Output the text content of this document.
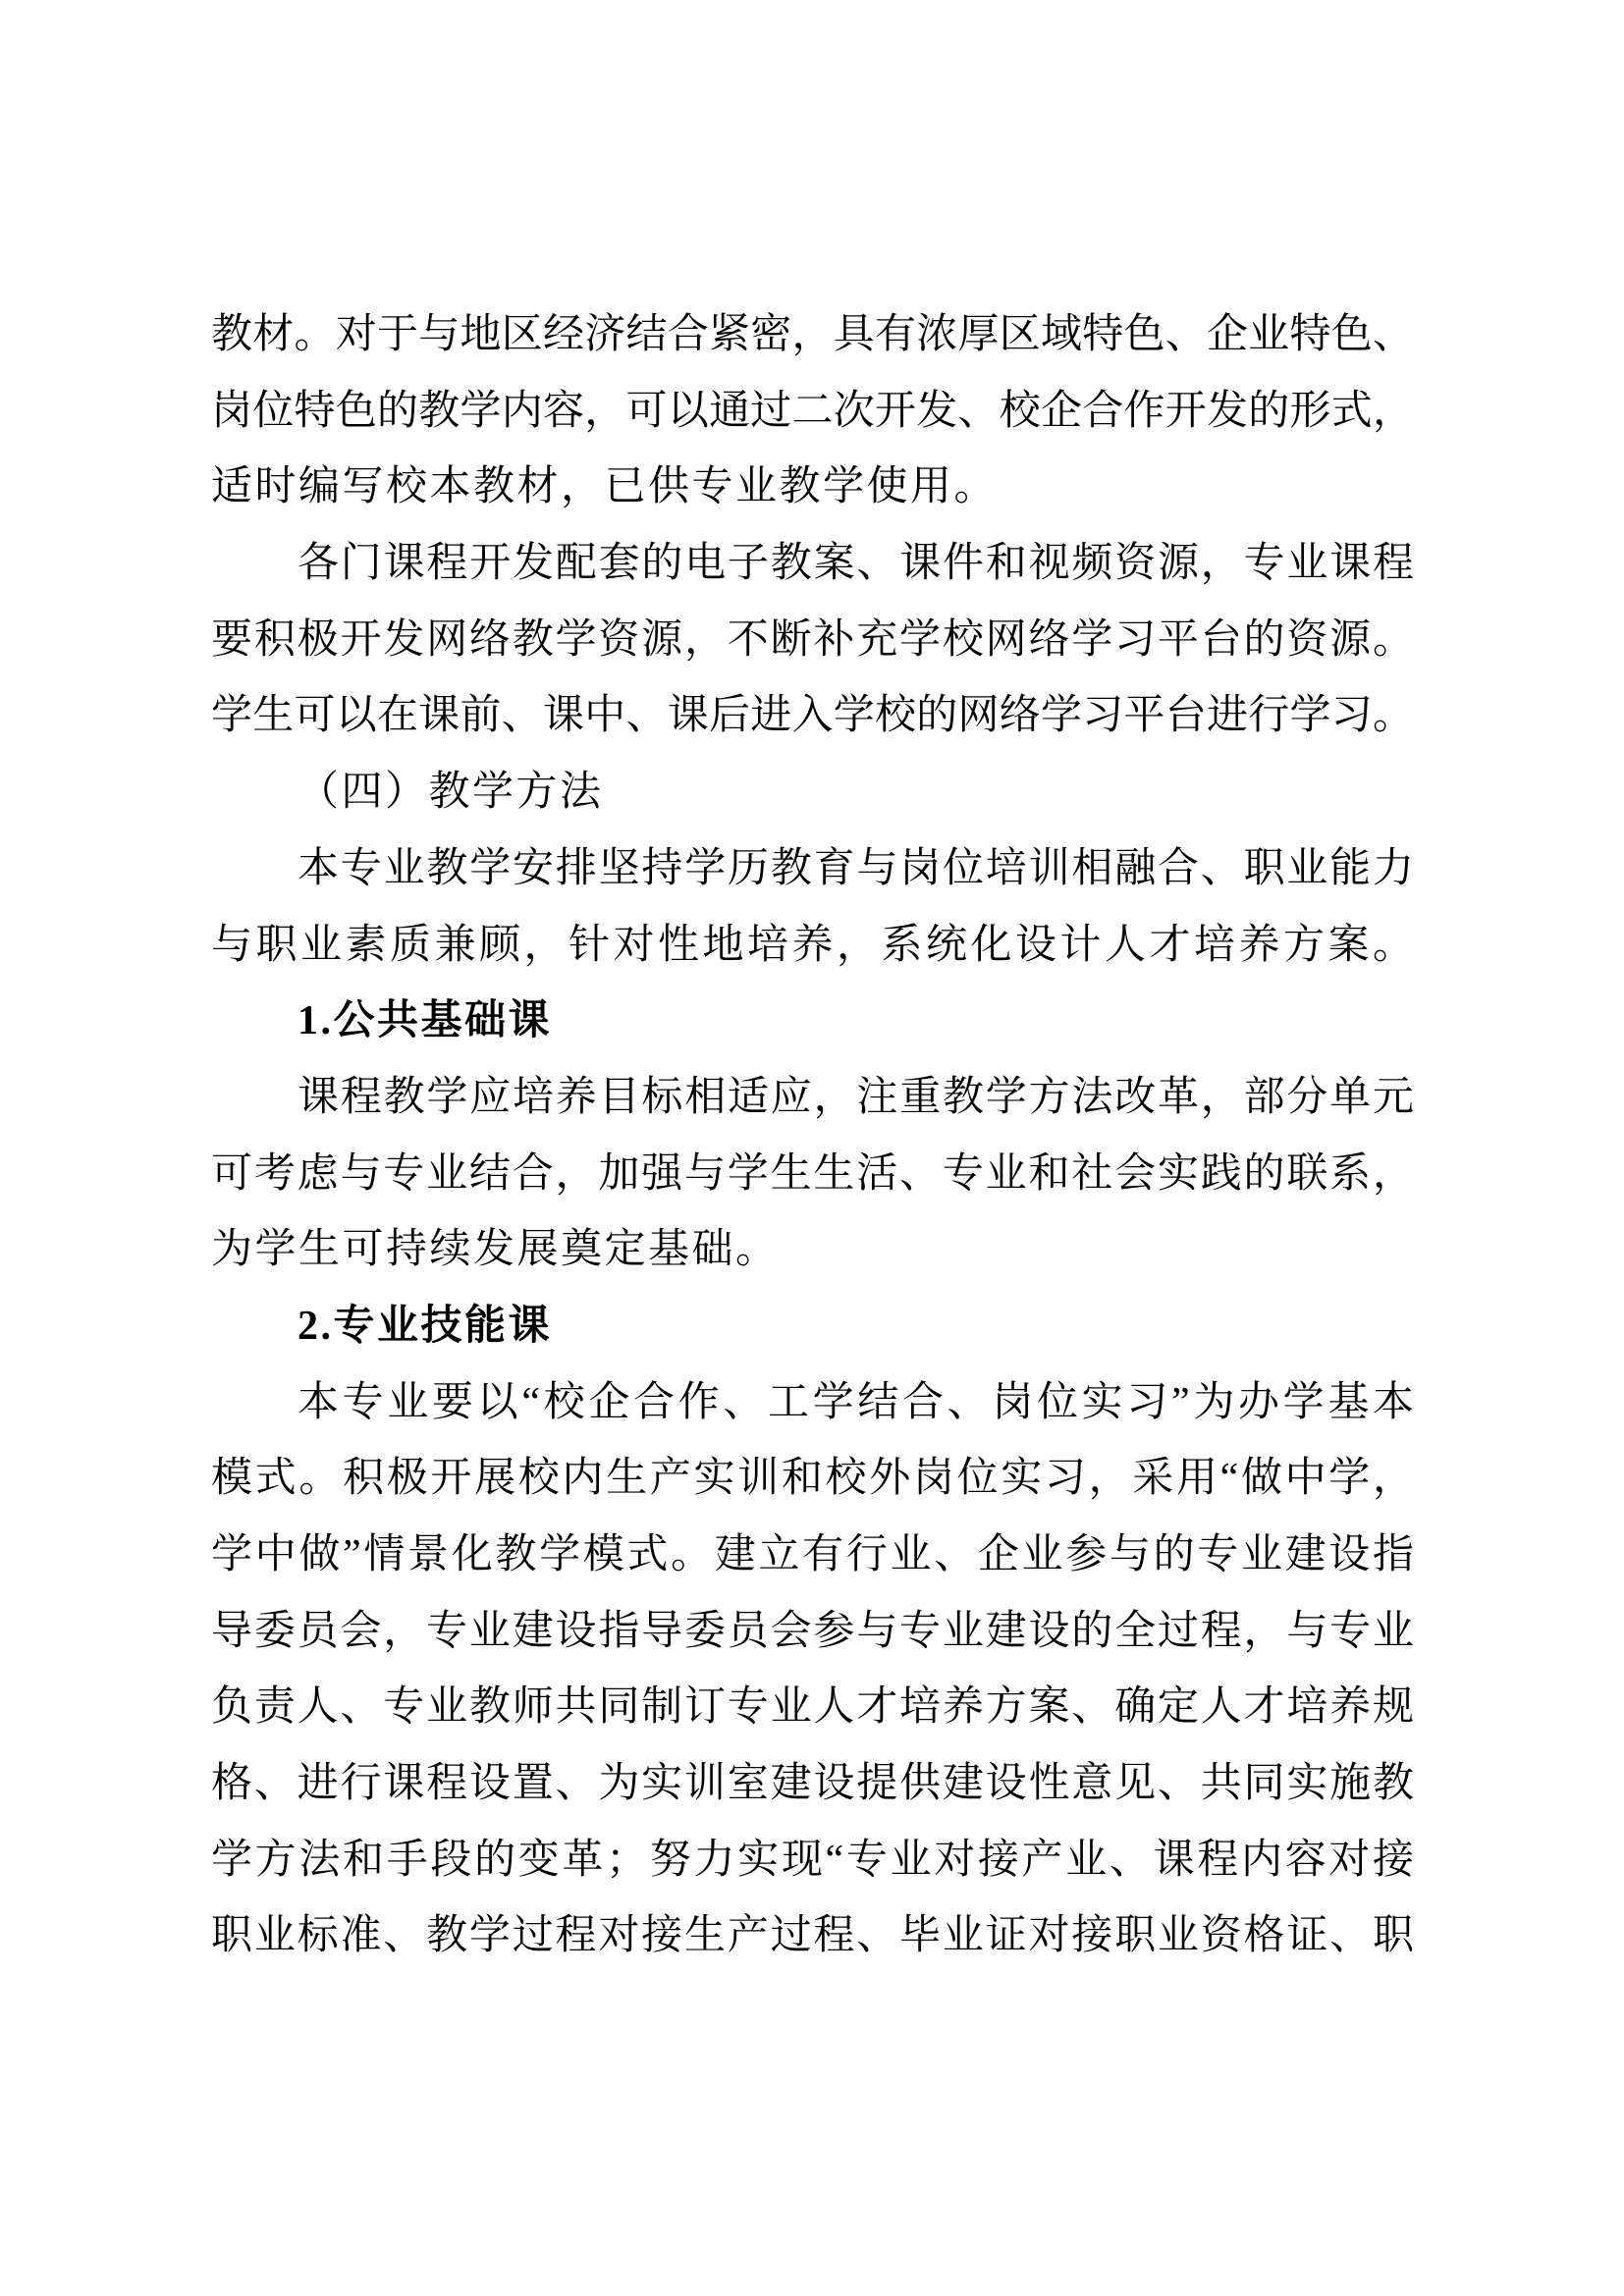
教材。对于与地区经济结合紧密，具有浓厚区域特色、企业特色、
岗位特色的教学内容，可以通过二次开发、校企合作开发的形式，
适时编写校本教材，已供专业教学使用。
各门课程开发配套的电子教案、课件和视频资源，专业课程
要积极开发网络教学资源，不断补充学校网络学习平台的资源。
学生可以在课前、课中、课后进入学校的网络学习平台进行学习。
（四）教学方法
本专业教学安排坚持学历教育与岗位培训相融合、职业能力
与职业素质兼顾，针对性地培养，系统化设计人才培养方案。
1.公共基础课
课程教学应培养目标相适应，注重教学方法改革，部分单元
可考虑与专业结合，加强与学生生活、专业和社会实践的联系，
为学生可持续发展奠定基础。
2.专业技能课
本专业要以“校企合作、工学结合、岗位实习”为办学基本
模式。积极开展校内生产实训和校外岗位实习，采用“做中学，
学中做”情景化教学模式。建立有行业、企业参与的专业建设指
导委员会，专业建设指导委员会参与专业建设的全过程，与专业
负责人、专业教师共同制订专业人才培养方案、确定人才培养规
格、进行课程设置、为实训室建设提供建设性意见、共同实施教
学方法和手段的变革；努力实现“专业对接产业、课程内容对接
职业标准、教学过程对接生产过程、毕业证对接职业资格证、职
